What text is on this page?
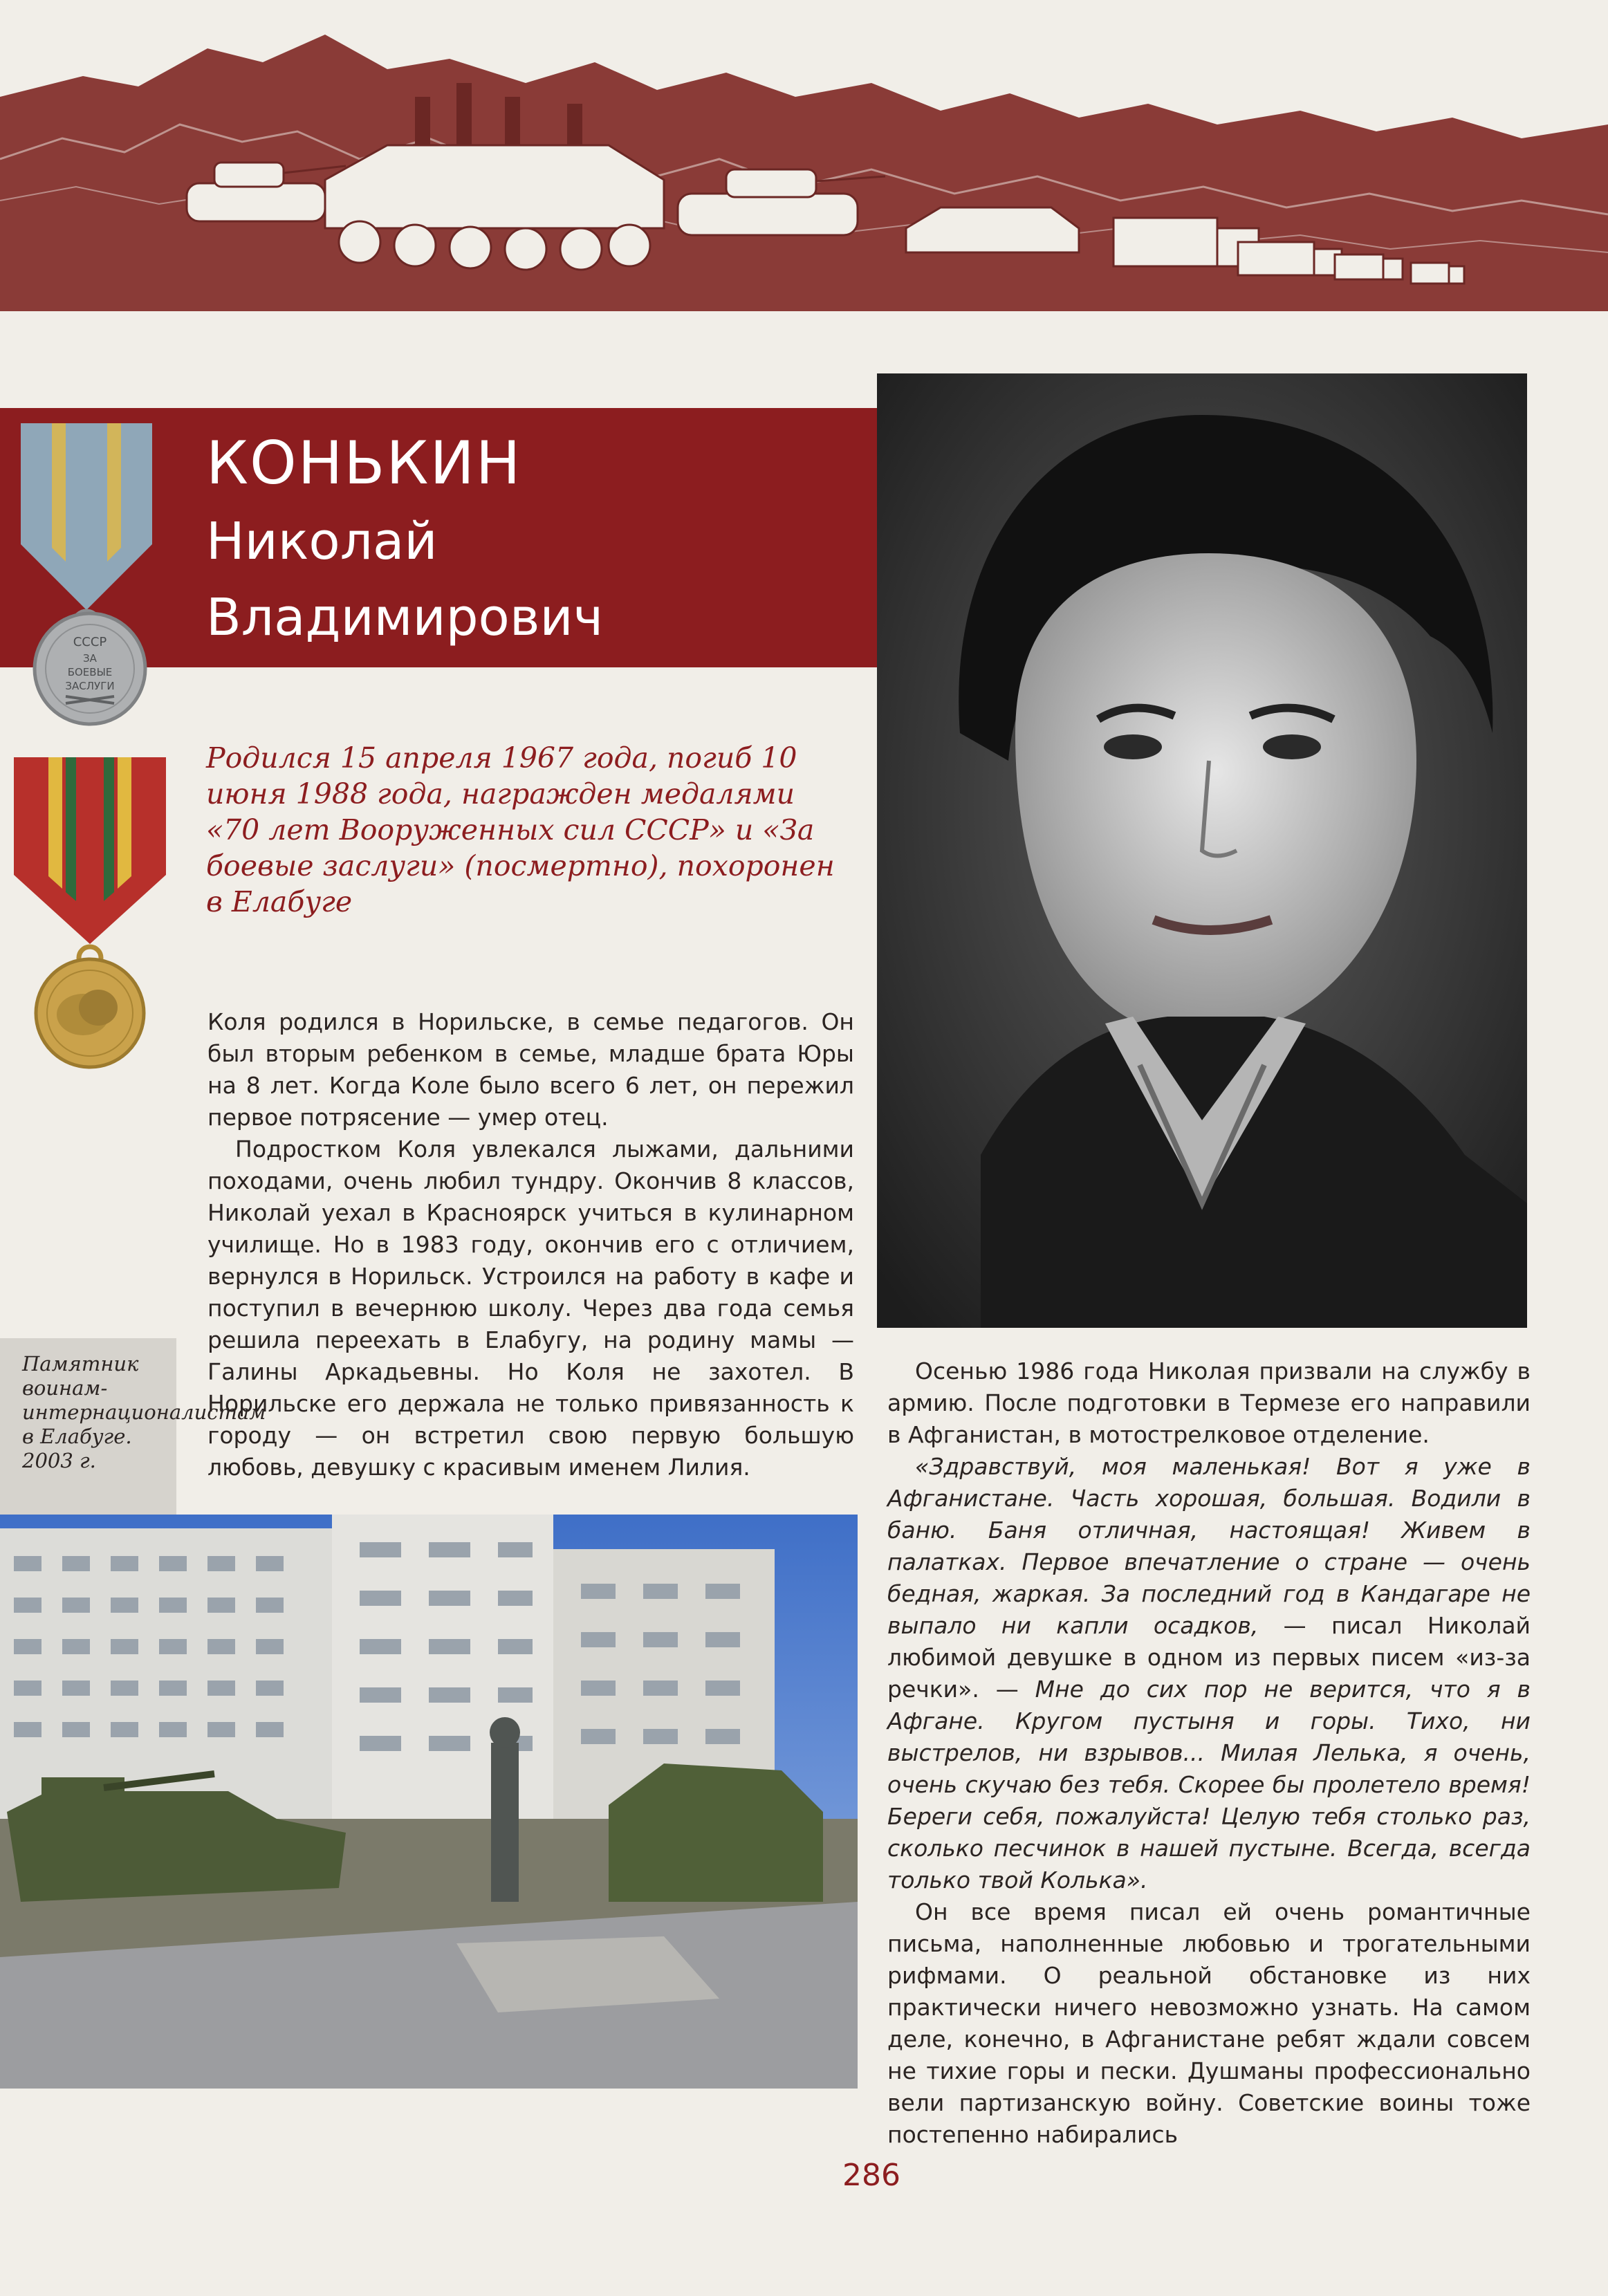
КОНЬКИН
Николай
Владимирович
СССР
ЗА
БОЕВЫЕ
ЗАСЛУГИ
Родился 15 апреля 1967 года, погиб 10 июня 1988 года, награжден медалями «70 лет Вооруженных сил СССР» и «За боевые заслуги» (посмертно), похоронен в Елабуге

Коля родился в Норильске, в семье педагогов. Он был вторым ребенком в семье, младше брата Юры на 8 лет. Когда Коле было всего 6 лет, он пережил первое потрясение — умер отец.

Подростком Коля увлекался лыжами, дальними походами, очень любил тундру. Окончив 8 классов, Николай уехал в Красноярск учиться в кулинарном училище. Но в 1983 году, окончив его с отличием, вернулся в Норильск. Устроился на работу в кафе и поступил в вечернюю школу. Через два года семья решила переехать в Елабугу, на родину мамы — Галины Аркадьевны. Но Коля не захотел. В Норильске его держала не только привязанность к городу — он встретил свою первую большую любовь, девушку с красивым именем Лилия.

Памятник воинам-интернационалистам в Елабуге. 2003 г.

Осенью 1986 года Николая призвали на службу в армию. После подготовки в Термезе его направили в Афганистан, в мотострелковое отделение.

«Здравствуй, моя маленькая! Вот я уже в Афганистане. Часть хорошая, большая. Водили в баню. Баня отличная, настоящая! Живем в палатках. Первое впечатление о стране — очень бедная, жаркая. За последний год в Кандагаре не выпало ни капли осадков, — писал Николай любимой девушке в одном из первых писем «из-за речки». — Мне до сих пор не верится, что я в Афгане. Кругом пустыня и горы. Тихо, ни выстрелов, ни взрывов... Милая Лелька, я очень, очень скучаю без тебя. Скорее бы пролетело время! Береги себя, пожалуйста! Целую тебя столько раз, сколько песчинок в нашей пустыне. Всегда, всегда только твой Колька».

Он все время писал ей очень романтичные письма, наполненные любовью и трогательными рифмами. О реальной обстановке из них практически ничего невозможно узнать. На самом деле, конечно, в Афганистане ребят ждали совсем не тихие горы и пески. Душманы профессионально вели партизанскую войну. Советские воины тоже постепенно набирались

286
